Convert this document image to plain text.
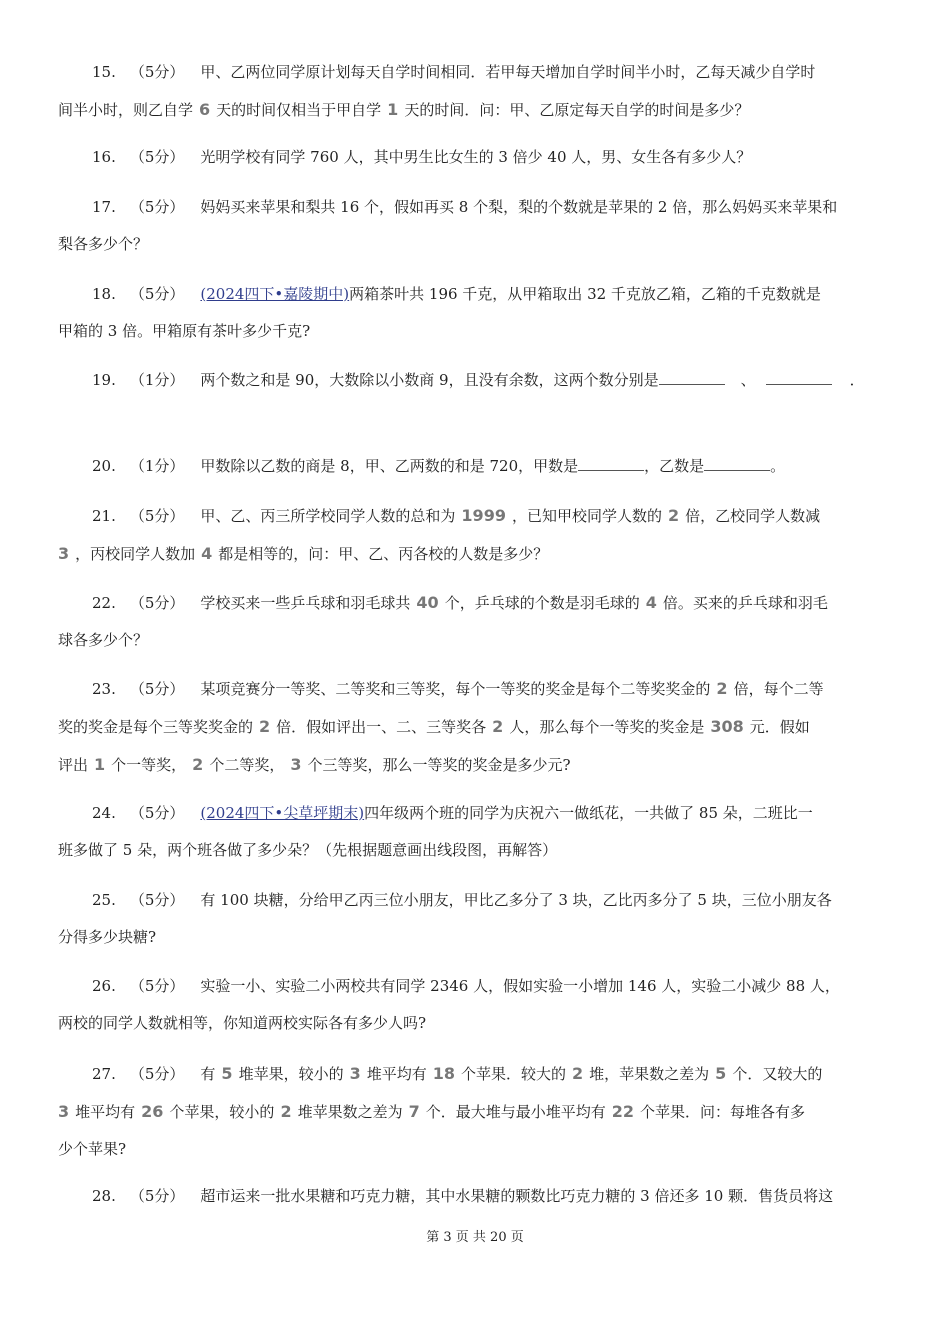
15. （5分） 甲、乙两位同学原计划每天自学时间相同．若甲每天增加自学时间半小时，乙每天减少自学时

间半小时，则乙自学 6 天的时间仅相当于甲自学 1 天的时间．问：甲、乙原定每天自学的时间是多少？

16. （5分） 光明学校有同学 760 人，其中男生比女生的 3 倍少 40 人，男、女生各有多少人？

17. （5分） 妈妈买来苹果和梨共 16 个，假如再买 8 个梨，梨的个数就是苹果的 2 倍，那么妈妈买来苹果和

梨各多少个？

18. （5分） (2024四下•嘉陵期中)两箱茶叶共 196 千克，从甲箱取出 32 千克放乙箱，乙箱的千克数就是

甲箱的 3 倍。甲箱原有茶叶多少千克?

19. （1分） 两个数之和是 90，大数除以小数商 9，且没有余数，这两个数分别是	、	．

20. （1分） 甲数除以乙数的商是 8，甲、乙两数的和是 720，甲数是	，乙数是	。

21. （5分） 甲、乙、丙三所学校同学人数的总和为 1999 ，已知甲校同学人数的 2 倍，乙校同学人数减

3 ，丙校同学人数加 4 都是相等的，问：甲、乙、丙各校的人数是多少？

22. （5分） 学校买来一些乒乓球和羽毛球共 40 个，乒乓球的个数是羽毛球的 4 倍。买来的乒乓球和羽毛

球各多少个？

23. （5分） 某项竞赛分一等奖、二等奖和三等奖，每个一等奖的奖金是每个二等奖奖金的 2 倍，每个二等

奖的奖金是每个三等奖奖金的 2 倍．假如评出一、二、三等奖各 2 人，那么每个一等奖的奖金是 308 元．假如

评出 1 个一等奖， 2 个二等奖， 3 个三等奖，那么一等奖的奖金是多少元?

24. （5分） (2024四下•尖草坪期末)四年级两个班的同学为庆祝六一做纸花，一共做了 85 朵，二班比一

班多做了 5 朵，两个班各做了多少朵？（先根据题意画出线段图，再解答）

25. （5分） 有 100 块糖，分给甲乙丙三位小朋友，甲比乙多分了 3 块，乙比丙多分了 5 块，三位小朋友各

分得多少块糖?

26. （5分） 实验一小、实验二小两校共有同学 2346 人，假如实验一小增加 146 人，实验二小减少 88 人，

两校的同学人数就相等，你知道两校实际各有多少人吗?

27. （5分） 有 5 堆苹果，较小的 3 堆平均有 18 个苹果．较大的 2 堆，苹果数之差为 5 个．又较大的

3 堆平均有 26 个苹果，较小的 2 堆苹果数之差为 7 个．最大堆与最小堆平均有 22 个苹果．问：每堆各有多

少个苹果?

28. （5分） 超市运来一批水果糖和巧克力糖，其中水果糖的颗数比巧克力糖的 3 倍还多 10 颗．售货员将这

第 3 页 共 20 页
